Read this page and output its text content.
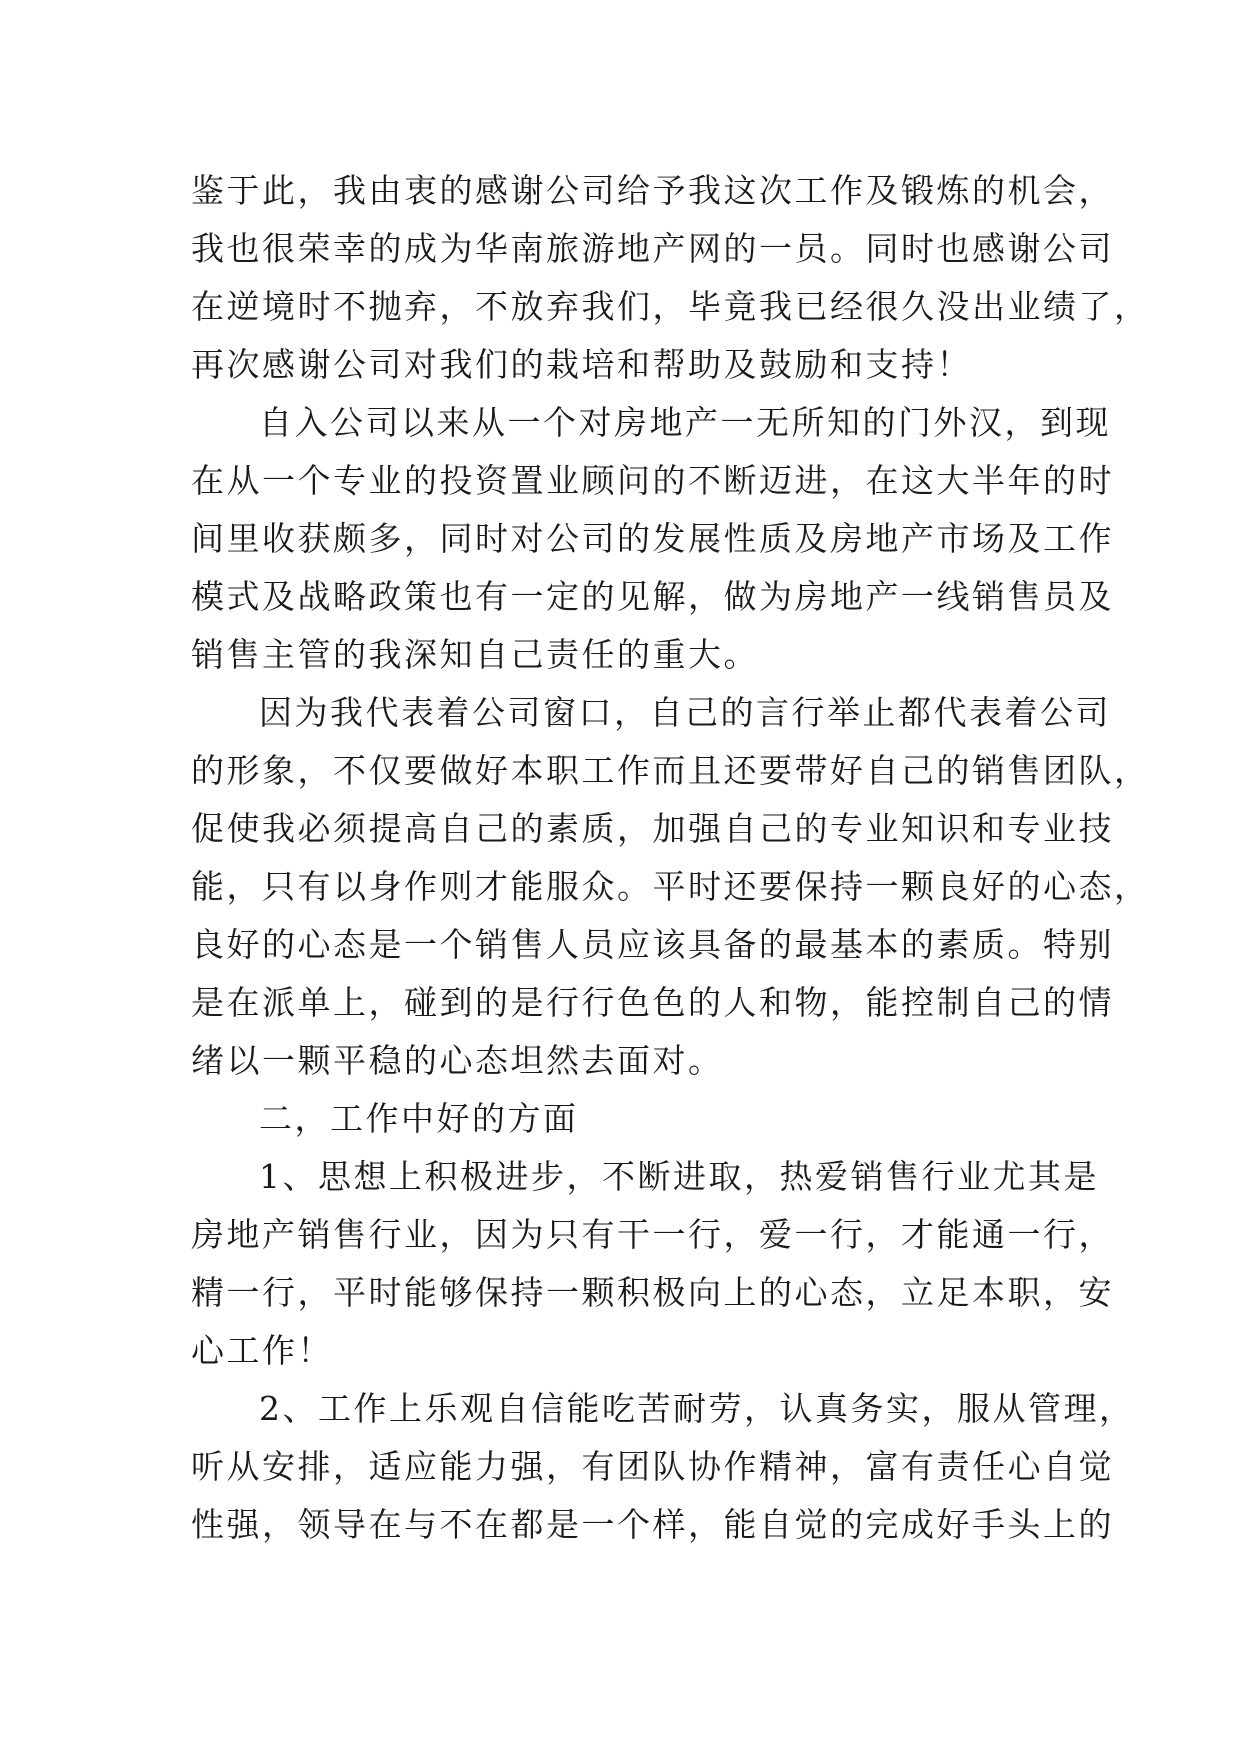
鉴于此，我由衷的感谢公司给予我这次工作及锻炼的机会，
我也很荣幸的成为华南旅游地产网的一员。同时也感谢公司
在逆境时不抛弃，不放弃我们，毕竟我已经很久没出业绩了，
再次感谢公司对我们的栽培和帮助及鼓励和支持！
自入公司以来从一个对房地产一无所知的门外汉，到现
在从一个专业的投资置业顾问的不断迈进，在这大半年的时
间里收获颇多，同时对公司的发展性质及房地产市场及工作
模式及战略政策也有一定的见解，做为房地产一线销售员及
销售主管的我深知自己责任的重大。
因为我代表着公司窗口，自己的言行举止都代表着公司
的形象，不仅要做好本职工作而且还要带好自己的销售团队，
促使我必须提高自己的素质，加强自己的专业知识和专业技
能，只有以身作则才能服众。平时还要保持一颗良好的心态，
良好的心态是一个销售人员应该具备的最基本的素质。特别
是在派单上，碰到的是行行色色的人和物，能控制自己的情
绪以一颗平稳的心态坦然去面对。
二，工作中好的方面
1、思想上积极进步，不断进取，热爱销售行业尤其是
房地产销售行业，因为只有干一行，爱一行，才能通一行，
精一行，平时能够保持一颗积极向上的心态，立足本职，安
心工作！
2、工作上乐观自信能吃苦耐劳，认真务实，服从管理，
听从安排，适应能力强，有团队协作精神，富有责任心自觉
性强，领导在与不在都是一个样，能自觉的完成好手头上的
